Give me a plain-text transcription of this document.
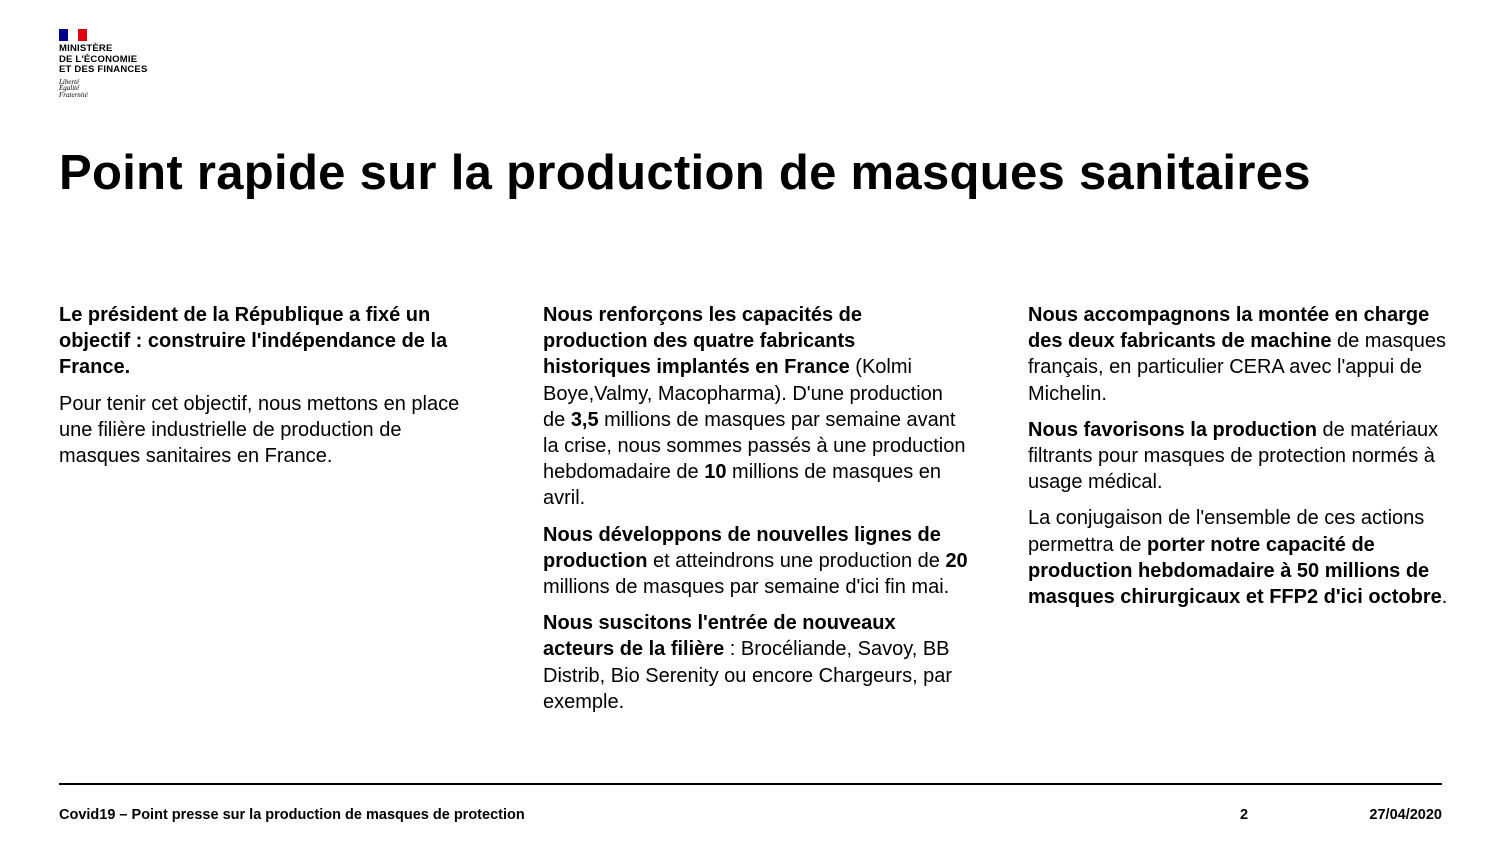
MINISTÈRE
DE L'ÉCONOMIE
ET DES FINANCES
Liberté
Égalité
Fraternité
Point rapide sur la production de masques sanitaires

Le président de la République a fixé un objectif : construire l'indépendance de la France.

Pour tenir cet objectif, nous mettons en place une filière industrielle de production de masques sanitaires en France.

Nous renforçons les capacités de production des quatre fabricants historiques implantés en France (Kolmi Boye,Valmy, Macopharma). D'une production de 3,5 millions de masques par semaine avant la crise, nous sommes passés à une production hebdomadaire de 10 millions de masques en avril.

Nous développons de nouvelles lignes de production et atteindrons une production de 20 millions de masques par semaine d'ici fin mai.

Nous suscitons l'entrée de nouveaux acteurs de la filière : Brocéliande, Savoy, BB Distrib, Bio Serenity ou encore Chargeurs, par exemple.

Nous accompagnons la montée en charge des deux fabricants de machine de masques français, en particulier CERA avec l'appui de Michelin.

Nous favorisons la production de matériaux filtrants pour masques de protection normés à usage médical.

La conjugaison de l'ensemble de ces actions permettra de porter notre capacité de production hebdomadaire à 50 millions de masques chirurgicaux et FFP2 d'ici octobre.

Covid19 – Point presse sur la production de masques de protection	2	27/04/2020
